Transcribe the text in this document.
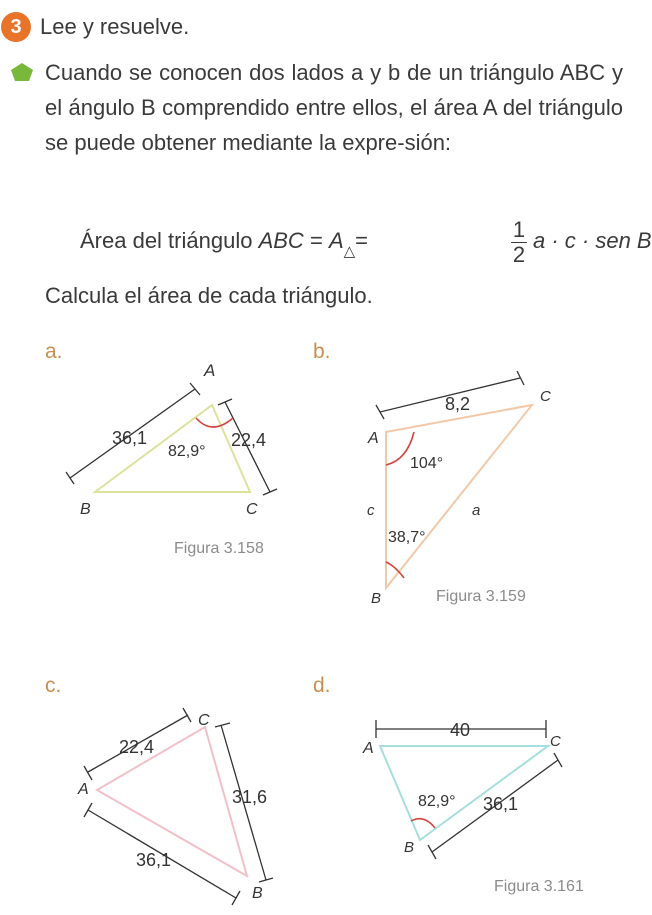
3 Lee y resuelve.
Cuando se conocen dos lados a y b de un triángulo ABC y el ángulo B comprendido entre ellos, el área A del triángulo se puede obtener mediante la expre-sión:
Área del triángulo ABC = $A_\triangle=$	$\frac{1}{2}$ a · c · sen B
Calcula el área de cada triángulo.
a.	b.
c.	d.
A
B	C
36,1	22,4
82,9°
Figura 3.158
A
B
C
8,2
c	a
104°
38,7°
Figura 3.159
A
B
C
22,4
31,6
36,1
A
B
C
40
36,1
82,9°
Figura 3.161
